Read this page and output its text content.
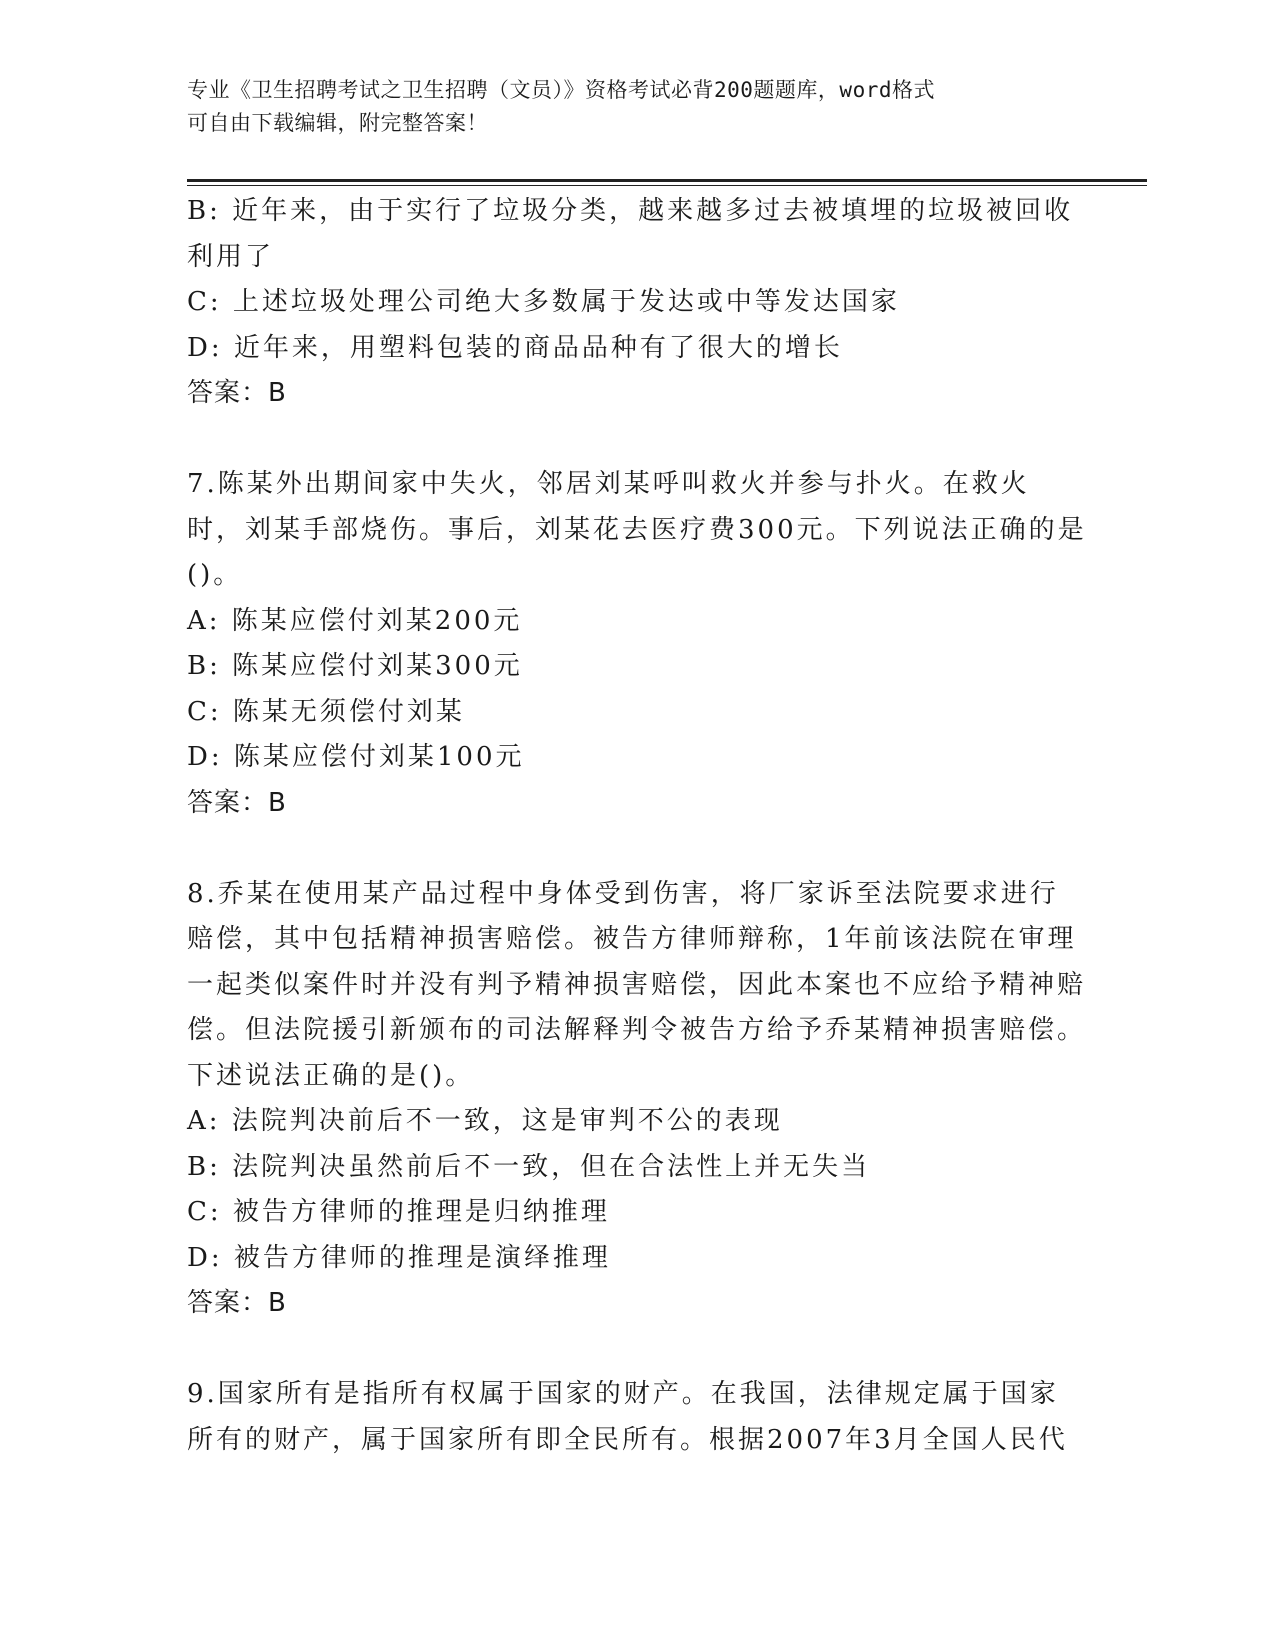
专业《卫生招聘考试之卫生招聘（文员）》资格考试必背200题题库，word格式
可自由下载编辑，附完整答案！

B: 近年来，由于实行了垃圾分类，越来越多过去被填埋的垃圾被回收利用了

C: 上述垃圾处理公司绝大多数属于发达或中等发达国家

D: 近年来，用塑料包装的商品品种有了很大的增长

答案：B

7.陈某外出期间家中失火，邻居刘某呼叫救火并参与扑火。在救火时，刘某手部烧伤。事后，刘某花去医疗费300元。下列说法正确的是()。

A: 陈某应偿付刘某200元

B: 陈某应偿付刘某300元

C: 陈某无须偿付刘某

D: 陈某应偿付刘某100元

答案：B

8.乔某在使用某产品过程中身体受到伤害，将厂家诉至法院要求进行赔偿，其中包括精神损害赔偿。被告方律师辩称，1年前该法院在审理一起类似案件时并没有判予精神损害赔偿，因此本案也不应给予精神赔偿。但法院援引新颁布的司法解释判令被告方给予乔某精神损害赔偿。下述说法正确的是()。

A: 法院判决前后不一致，这是审判不公的表现

B: 法院判决虽然前后不一致，但在合法性上并无失当

C: 被告方律师的推理是归纳推理

D: 被告方律师的推理是演绎推理

答案：B

9.国家所有是指所有权属于国家的财产。在我国，法律规定属于国家所有的财产，属于国家所有即全民所有。根据2007年3月全国人民代
